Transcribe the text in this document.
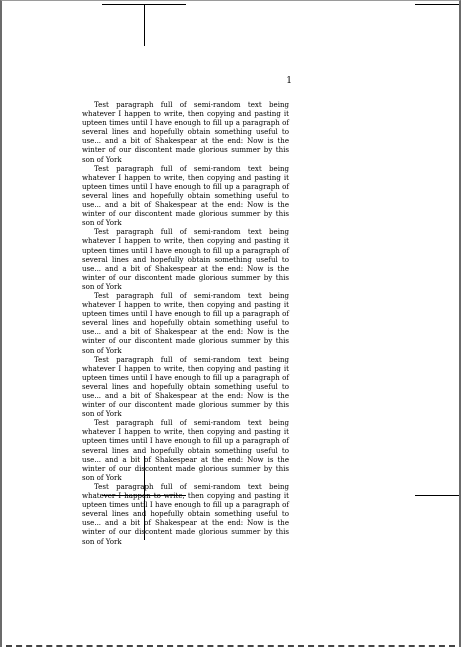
1

Test paragraph full of semi-random text being whatever I happen to write, then copying and pasting it upteen times until I have enough to fill up a paragraph of several lines and hopefully obtain something useful to use... and a bit of Shakespear at the end: Now is the winter of our discontent made glorious summer by this son of York

Test paragraph full of semi-random text being whatever I happen to write, then copying and pasting it upteen times until I have enough to fill up a paragraph of several lines and hopefully obtain something useful to use... and a bit of Shakespear at the end: Now is the winter of our discontent made glorious summer by this son of York

Test paragraph full of semi-random text being whatever I happen to write, then copying and pasting it upteen times until I have enough to fill up a paragraph of several lines and hopefully obtain something useful to use... and a bit of Shakespear at the end: Now is the winter of our discontent made glorious summer by this son of York

Test paragraph full of semi-random text being whatever I happen to write, then copying and pasting it upteen times until I have enough to fill up a paragraph of several lines and hopefully obtain something useful to use... and a bit of Shakespear at the end: Now is the winter of our discontent made glorious summer by this son of York

Test paragraph full of semi-random text being whatever I happen to write, then copying and pasting it upteen times until I have enough to fill up a paragraph of several lines and hopefully obtain something useful to use... and a bit of Shakespear at the end: Now is the winter of our discontent made glorious summer by this son of York

Test paragraph full of semi-random text being whatever I happen to write, then copying and pasting it upteen times until I have enough to fill up a paragraph of several lines and hopefully obtain something useful to use... and a bit of Shakespear at the end: Now is the winter of our discontent made glorious summer by this son of York

Test paragraph full of semi-random text being whatever I happen to write, then copying and pasting it upteen times until I have enough to fill up a paragraph of several lines and hopefully obtain something useful to use... and a bit of Shakespear at the end: Now is the winter of our discontent made glorious summer by this son of York
